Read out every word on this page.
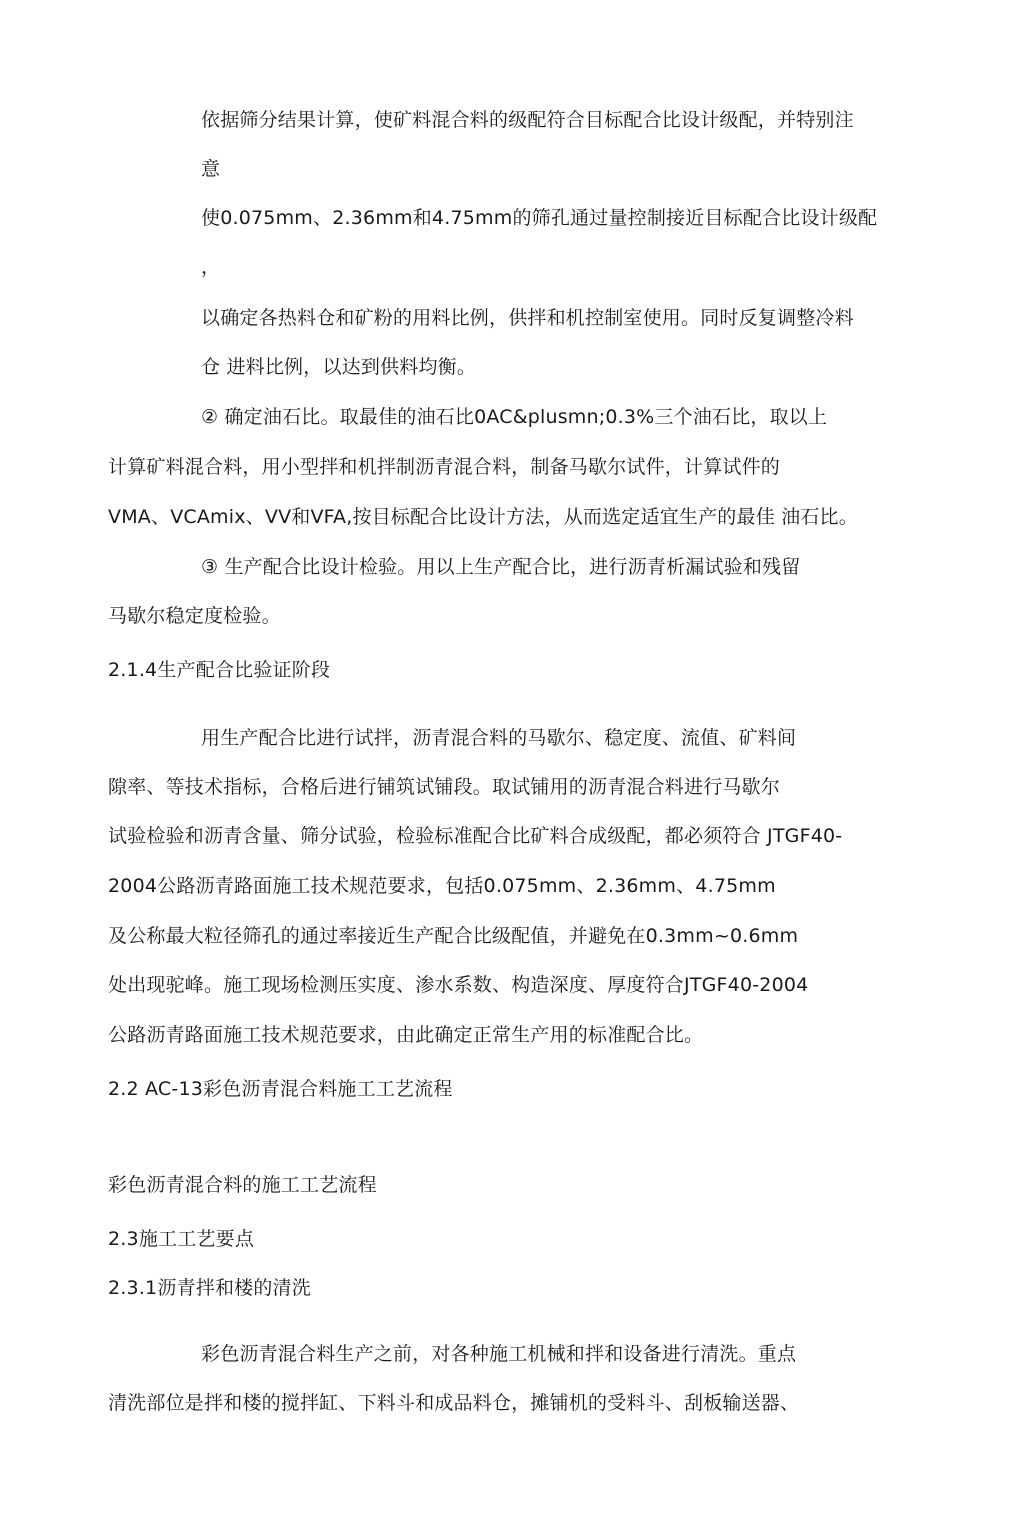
依据筛分结果计算，使矿料混合料的级配符合目标配合比设计级配，并特别注
意
使0.075mm、2.36mm和4.75mm的筛孔通过量控制接近目标配合比设计级配
，
以确定各热料仓和矿粉的用料比例，供拌和机控制室使用。同时反复调整冷料
仓 进料比例，以达到供料均衡。
② 确定油石比。取最佳的油石比0AC&plusmn;0.3%三个油石比，取以上
计算矿料混合料，用小型拌和机拌制沥青混合料，制备马歇尔试件，计算试件的
VMA、VCAmix、VV和VFA,按目标配合比设计方法，从而选定适宜生产的最佳 油石比。
③ 生产配合比设计检验。用以上生产配合比，进行沥青析漏试验和残留
马歇尔稳定度检验。
2.1.4生产配合比验证阶段
用生产配合比进行试拌，沥青混合料的马歇尔、稳定度、流值、矿料间
隙率、等技术指标，合格后进行铺筑试铺段。取试铺用的沥青混合料进行马歇尔
试验检验和沥青含量、筛分试验，检验标准配合比矿料合成级配，都必须符合 JTGF40-
2004公路沥青路面施工技术规范要求，包括0.075mm、2.36mm、4.75mm
及公称最大粒径筛孔的通过率接近生产配合比级配值，并避免在0.3mm~0.6mm
处出现驼峰。施工现场检测压实度、渗水系数、构造深度、厚度符合JTGF40-2004
公路沥青路面施工技术规范要求，由此确定正常生产用的标准配合比。
2.2 AC-13彩色沥青混合料施工工艺流程
彩色沥青混合料的施工工艺流程
2.3施工工艺要点
2.3.1沥青拌和楼的清洗
彩色沥青混合料生产之前，对各种施工机械和拌和设备进行清洗。重点
清洗部位是拌和楼的搅拌缸、下料斗和成品料仓，摊铺机的受料斗、刮板输送器、
